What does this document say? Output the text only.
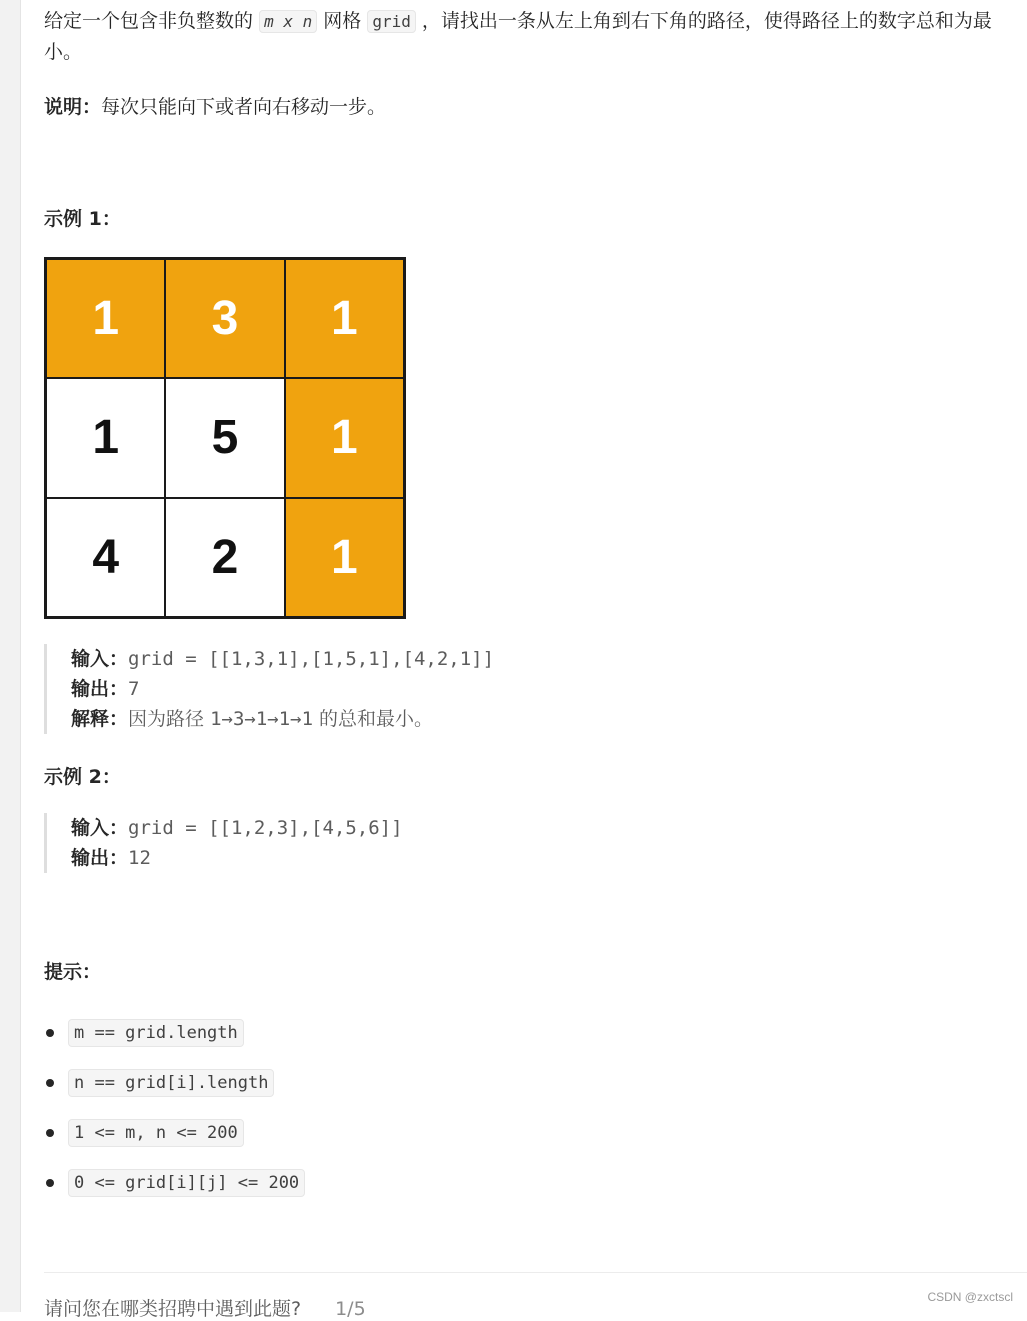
给定一个包含非负整数的 m x n 网格 grid ，请找出一条从左上角到右下角的路径，使得路径上的数字总和为最小。
说明：每次只能向下或者向右移动一步。
示例 1：
1	3	1
1	5	1
4	2	1
输入：grid = [[1,3,1],[1,5,1],[4,2,1]]
输出：7
解释：因为路径 1→3→1→1→1 的总和最小。
示例 2：
输入：grid = [[1,2,3],[4,5,6]]
输出：12
提示：
m == grid.length
n == grid[i].length
1 <= m, n <= 200
0 <= grid[i][j] <= 200
请问您在哪类招聘中遇到此题? 1/5
CSDN @zxctscl
